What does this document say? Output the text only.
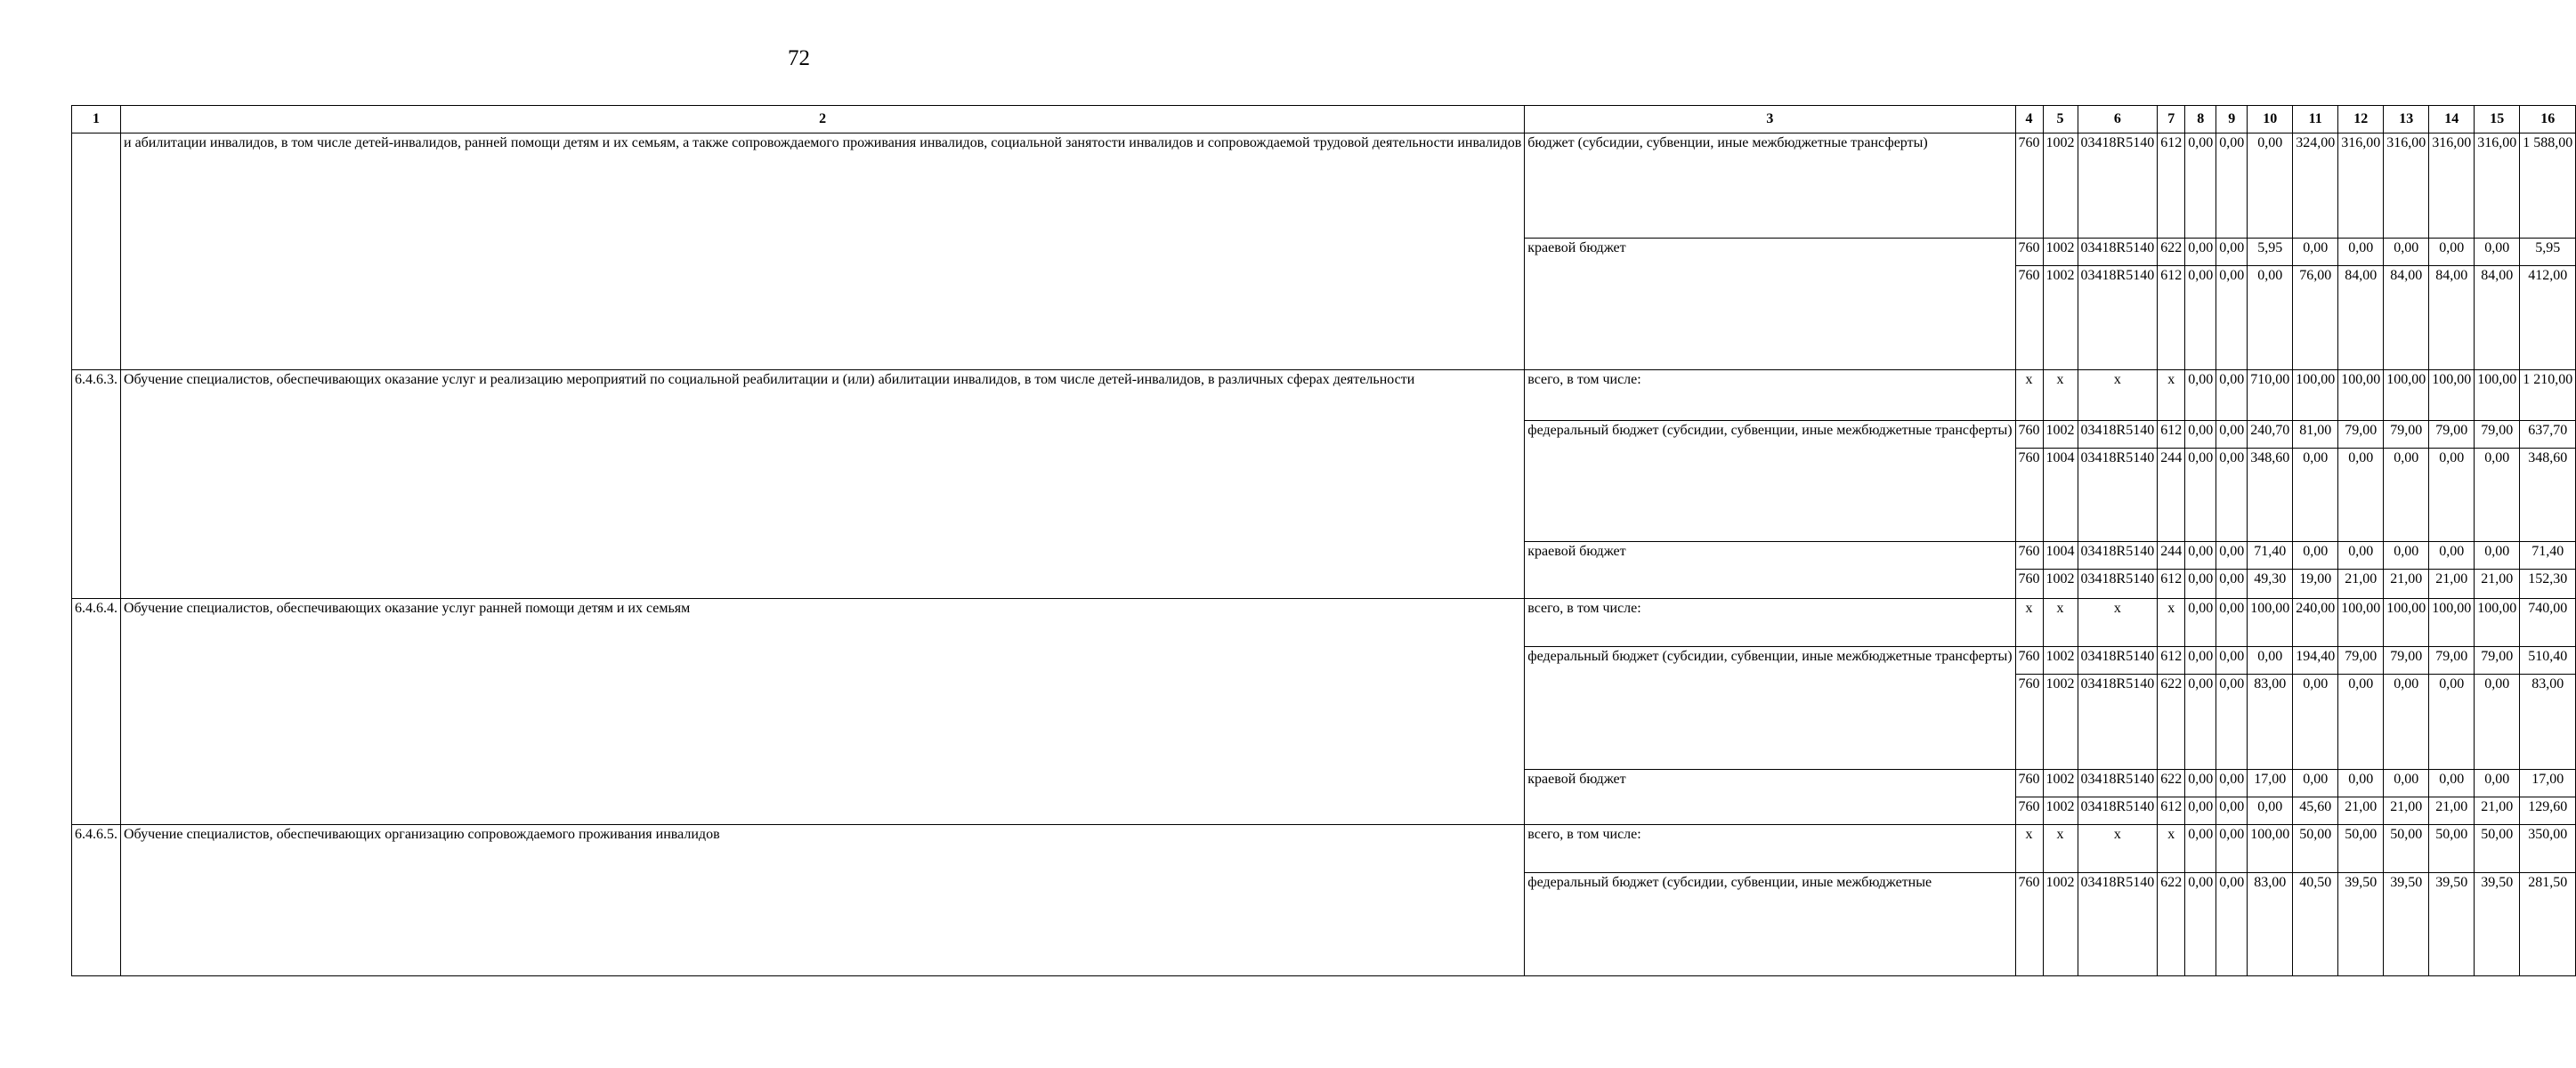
72
1	2	3	4	5	6	7	8	9	10	11	12	13	14	15	16
	и абилитации инвалидов, в том числе детей-инвалидов, ранней помощи детям и их семьям, а также сопровождаемого проживания инвалидов, социальной занятости инвалидов и сопровождаемой трудовой деятельности инвалидов	бюджет (субсидии, субвенции, иные межбюджетные трансферты)	760	1002	03418R5140	612	0,00	0,00	0,00	324,00	316,00	316,00	316,00	316,00	1 588,00
		краевой бюджет	760	1002	03418R5140	622	0,00	0,00	5,95	0,00	0,00	0,00	0,00	0,00	5,95
			760	1002	03418R5140	612	0,00	0,00	0,00	76,00	84,00	84,00	84,00	84,00	412,00
6.4.6.3.	Обучение специалистов, обеспечивающих оказание услуг и реализацию мероприятий по социальной реабилитации и (или) абилитации инвалидов, в том числе детей-инвалидов, в различных сферах деятельности	всего, в том числе:	x	x	x	x	0,00	0,00	710,00	100,00	100,00	100,00	100,00	100,00	1 210,00
		федеральный бюджет (субсидии, субвенции, иные межбюджетные трансферты)	760	1002	03418R5140	612	0,00	0,00	240,70	81,00	79,00	79,00	79,00	79,00	637,70
			760	1004	03418R5140	244	0,00	0,00	348,60	0,00	0,00	0,00	0,00	0,00	348,60
		краевой бюджет	760	1004	03418R5140	244	0,00	0,00	71,40	0,00	0,00	0,00	0,00	0,00	71,40
			760	1002	03418R5140	612	0,00	0,00	49,30	19,00	21,00	21,00	21,00	21,00	152,30
6.4.6.4.	Обучение специалистов, обеспечивающих оказание услуг ранней помощи детям и их семьям	всего, в том числе:	x	x	x	x	0,00	0,00	100,00	240,00	100,00	100,00	100,00	100,00	740,00
		федеральный бюджет (субсидии, субвенции, иные межбюджетные трансферты)	760	1002	03418R5140	612	0,00	0,00	0,00	194,40	79,00	79,00	79,00	79,00	510,40
			760	1002	03418R5140	622	0,00	0,00	83,00	0,00	0,00	0,00	0,00	0,00	83,00
		краевой бюджет	760	1002	03418R5140	622	0,00	0,00	17,00	0,00	0,00	0,00	0,00	0,00	17,00
			760	1002	03418R5140	612	0,00	0,00	0,00	45,60	21,00	21,00	21,00	21,00	129,60
6.4.6.5.	Обучение специалистов, обеспечивающих организацию сопровождаемого проживания инвалидов	всего, в том числе:	x	x	x	x	0,00	0,00	100,00	50,00	50,00	50,00	50,00	50,00	350,00
		федеральный бюджет (субсидии, субвенции, иные межбюджетные	760	1002	03418R5140	622	0,00	0,00	83,00	40,50	39,50	39,50	39,50	39,50	281,50
